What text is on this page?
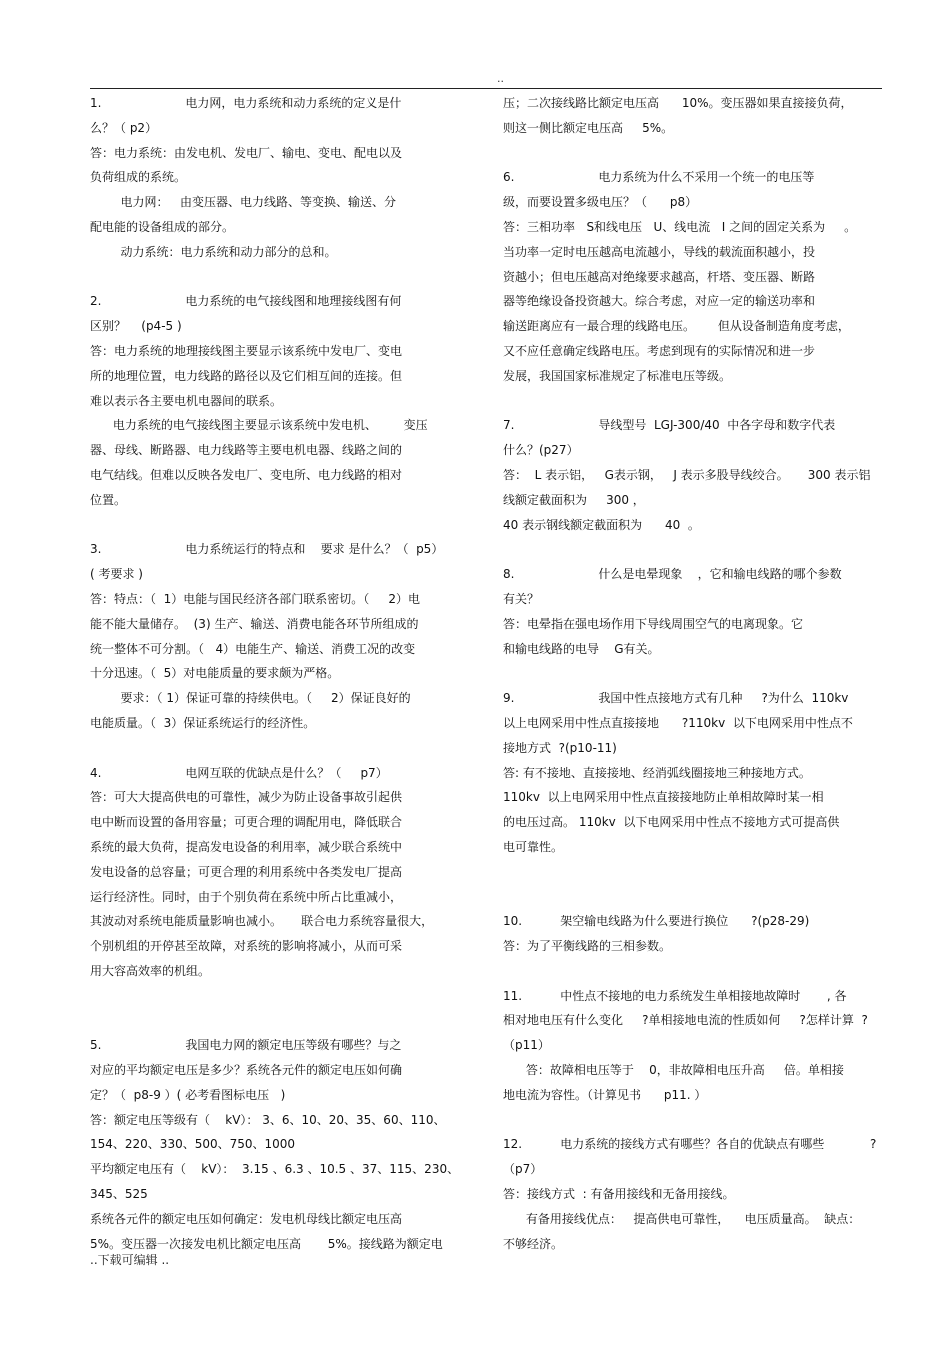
..

1.                      电力网，电力系统和动力系统的定义是什

么？（ p2）

答：电力系统：由发电机、发电厂、输电、变电、配电以及

负荷组成的系统。

电力网：   由变压器、电力线路、等变换、输送、分

配电能的设备组成的部分。

动力系统：电力系统和动力部分的总和。

2.                      电力系统的电气接线图和地理接线图有何

区别？    (p4-5 )

答：电力系统的地理接线图主要显示该系统中发电厂、变电

所的地理位置，电力线路的路径以及它们相互间的连接。但

难以表示各主要电机电器间的联系。

电力系统的电气接线图主要显示该系统中发电机、       变压

器、母线、断路器、电力线路等主要电机电器、线路之间的

电气结线。但难以反映各发电厂、变电所、电力线路的相对

位置。

3.                      电力系统运行的特点和    要求 是什么？（  p5）

( 考要求 )

答：特点：（  1）电能与国民经济各部门联系密切。（     2）电

能不能大量储存。  (3) 生产、输送、消费电能各环节所组成的

统一整体不可分割。（   4）电能生产、输送、消费工况的改变

十分迅速。（  5）对电能质量的要求颇为严格。

要求：（ 1）保证可靠的持续供电。（     2）保证良好的

电能质量。（  3）保证系统运行的经济性。

4.                      电网互联的优缺点是什么？（     p7）

答：可大大提高供电的可靠性，减少为防止设备事故引起供

电中断而设置的备用容量；可更合理的调配用电，降低联合

系统的最大负荷，提高发电设备的利用率，减少联合系统中

发电设备的总容量；可更合理的利用系统中各类发电厂提高

运行经济性。同时，由于个别负荷在系统中所占比重减小，

其波动对系统电能质量影响也减小。     联合电力系统容量很大，

个别机组的开停甚至故障，对系统的影响将减小，从而可采

用大容高效率的机组。

5.                      我国电力网的额定电压等级有哪些？与之

对应的平均额定电压是多少？系统各元件的额定电压如何确

定？（  p8-9 ）( 必考看图标电压   )

答：额定电压等级有（    kV）： 3、6、10、20、35、60、110、

154、220、330、500、750、1000

平均额定电压有（    kV）：  3.15 、6.3 、10.5 、37、115、230、

345、525

系统各元件的额定电压如何确定：发电机母线比额定电压高

5%。变压器一次接发电机比额定电压高       5%。接线路为额定电

压；二次接线路比额定电压高      10%。变压器如果直接接负荷，

则这一侧比额定电压高     5%。

6.                      电力系统为什么不采用一个统一的电压等

级，而要设置多级电压？（      p8）

答：三相功率   S和线电压   U、线电流   I 之间的固定关系为     。

当功率一定时电压越高电流越小，导线的载流面积越小，投

资越小；但电压越高对绝缘要求越高，杆塔、变压器、断路

器等绝缘设备投资越大。综合考虑，对应一定的输送功率和

输送距离应有一最合理的线路电压。      但从设备制造角度考虑，

又不应任意确定线路电压。考虑到现有的实际情况和进一步

发展，我国国家标准规定了标准电压等级。

7.                      导线型号  LGJ-300/40  中各字母和数字代表

什么？(p27）

答：  L 表示铝，   G表示钢，   J 表示多股导线绞合。     300 表示铝

线额定截面积为     300 ，

40 表示钢线额定截面积为      40  。

8.                      什么是电晕现象    ，它和输电线路的哪个参数

有关？

答：电晕指在强电场作用下导线周围空气的电离现象。它

和输电线路的电导    G有关。

9.                      我国中性点接地方式有几种     ?为什么  110kv

以上电网采用中性点直接接地      ?110kv  以下电网采用中性点不

接地方式  ?(p10-11)

答: 有不接地、直接接地、经消弧线圈接地三种接地方式。

110kv  以上电网采用中性点直接接地防止单相故障时某一相

的电压过高。 110kv  以下电网采用中性点不接地方式可提高供

电可靠性。

10.          架空输电线路为什么要进行换位      ?(p28-29)

答：为了平衡线路的三相参数。

11.          中性点不接地的电力系统发生单相接地故障时       , 各

相对地电压有什么变化     ?单相接地电流的性质如何     ?怎样计算  ?

（p11）

答：故障相电压等于    0，非故障相电压升高     倍。单相接

地电流为容性。（计算见书      p11. ）

12.          电力系统的接线方式有哪些？各自的优缺点有哪些            ?

（p7）

答：接线方式  : 有备用接线和无备用接线。

有备用接线优点：   提高供电可靠性，    电压质量高。  缺点：

不够经济。

..下载可编辑 ..
